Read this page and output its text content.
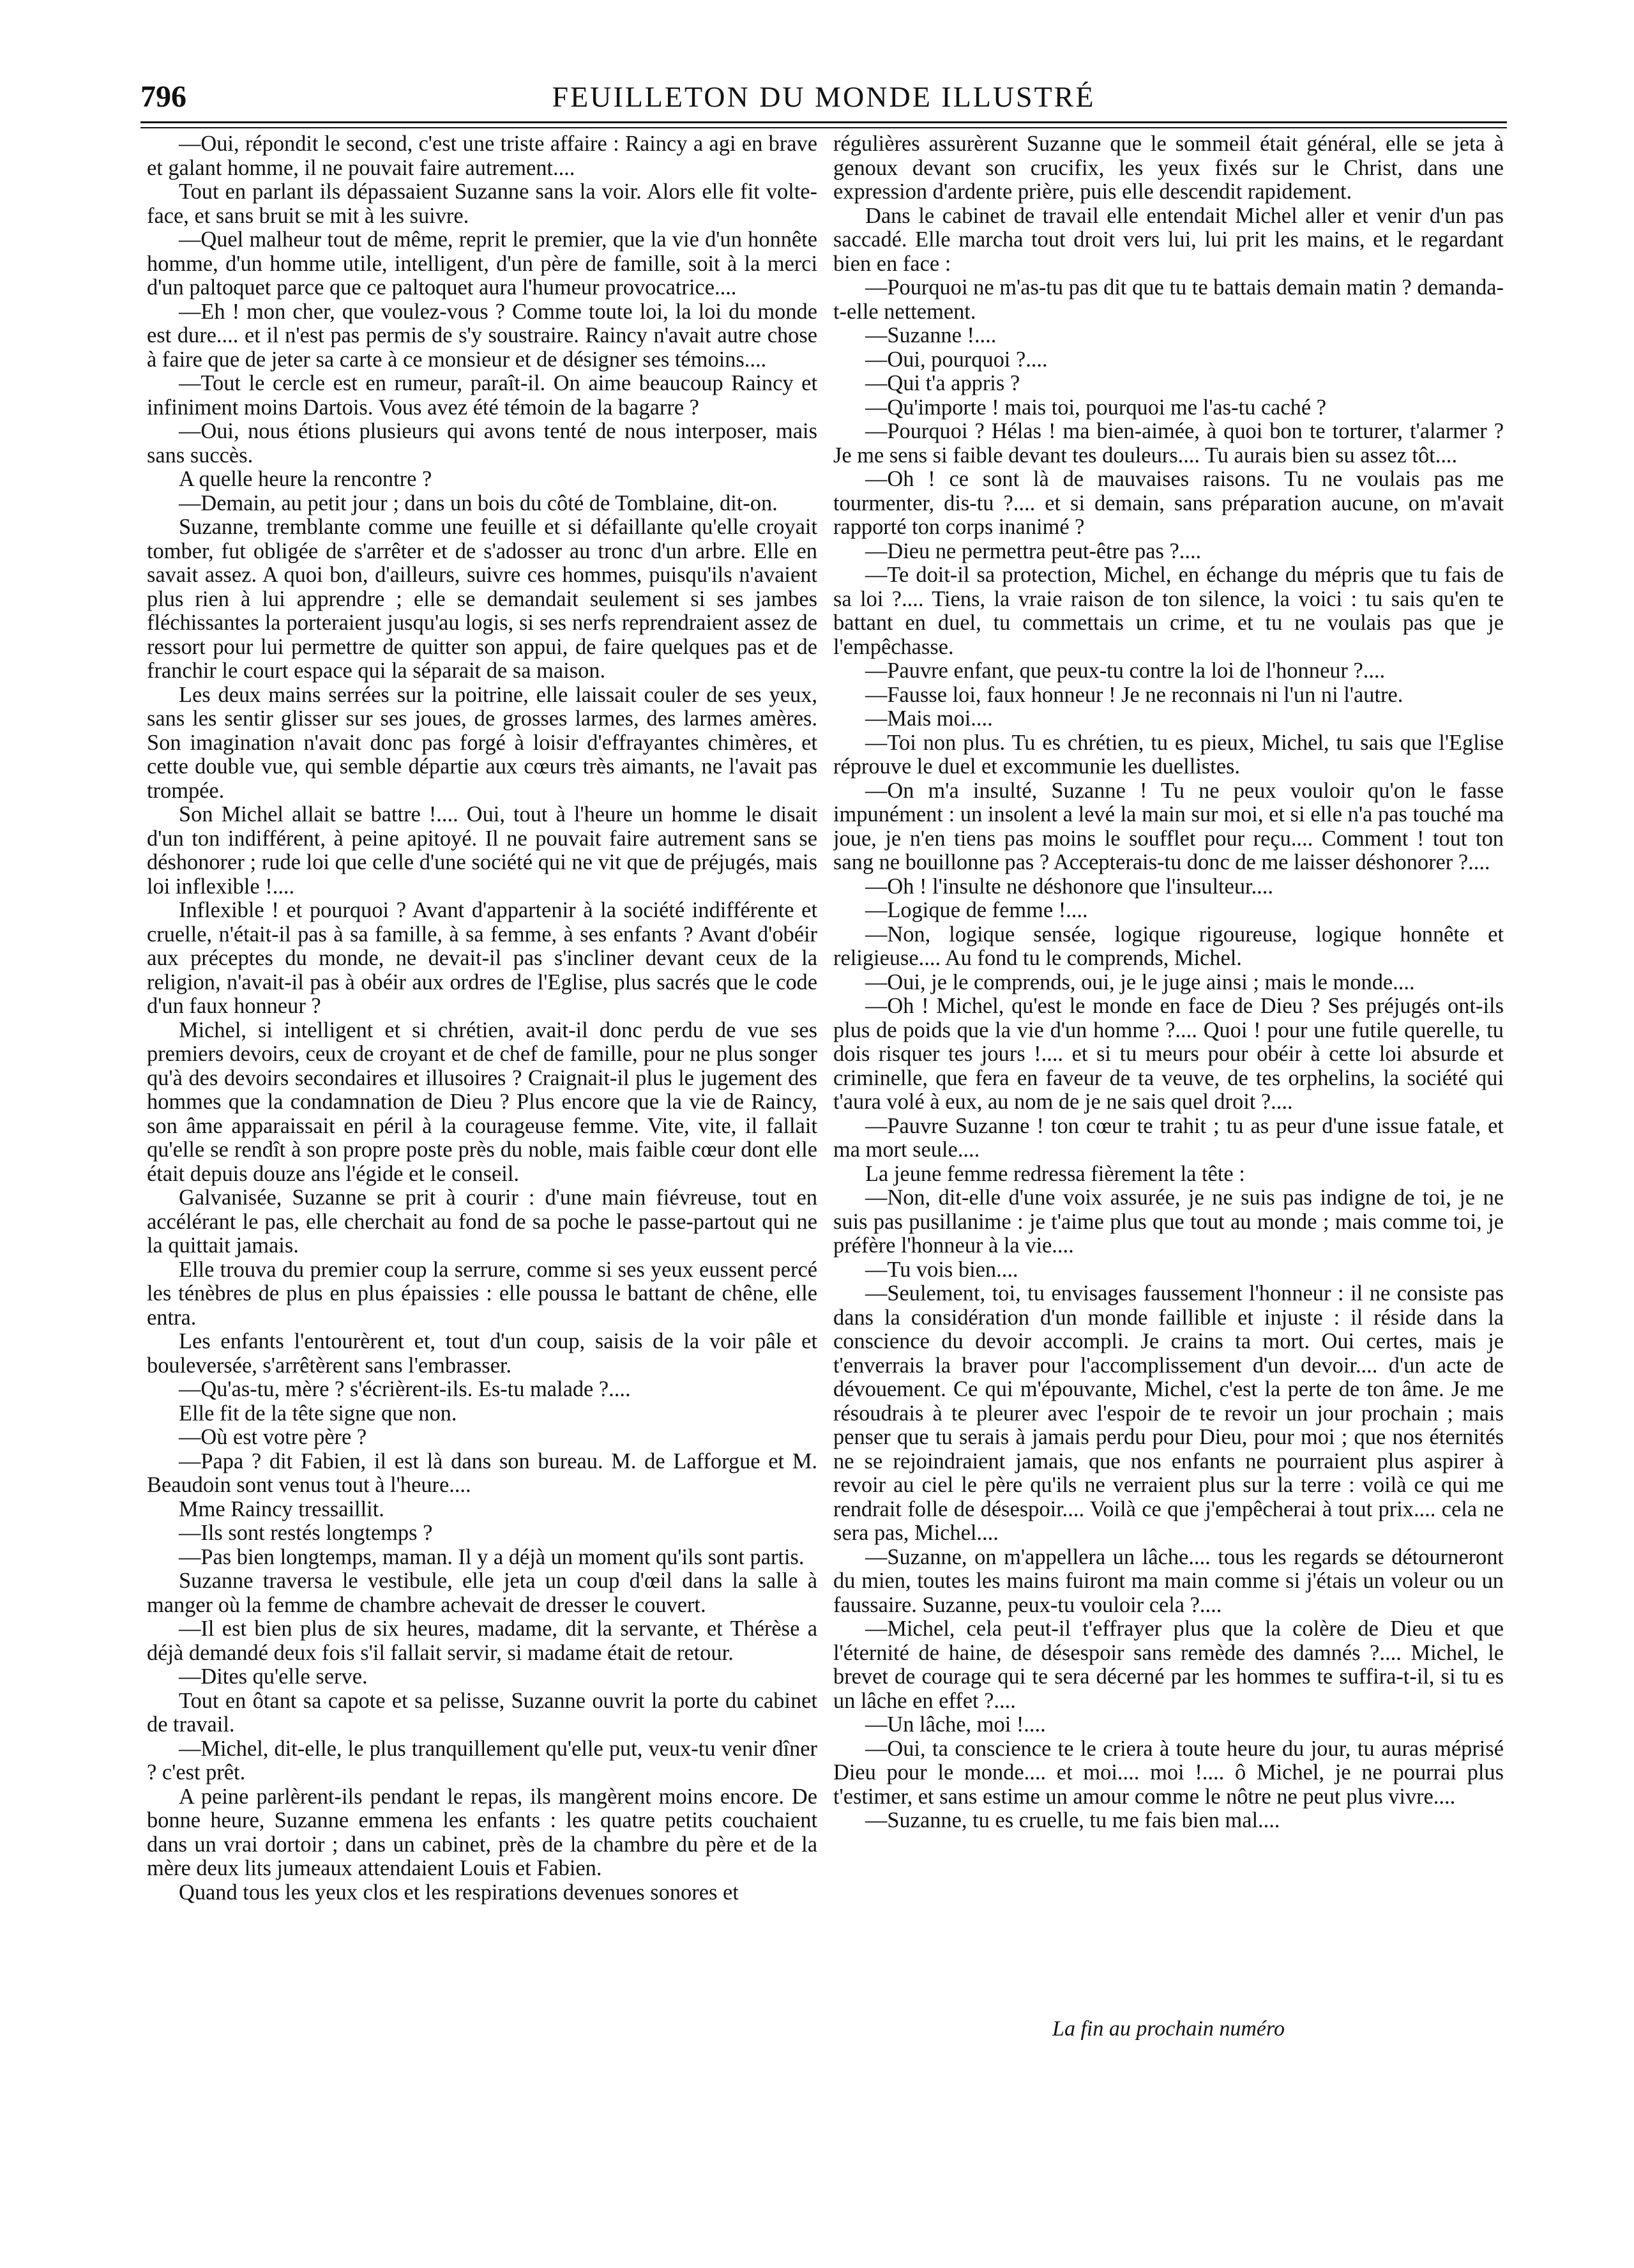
796	FEUILLETON DU MONDE ILLUSTRÉ

—Oui, répondit le second, c'est une triste affaire : Raincy a agi en brave et galant homme, il ne pouvait faire autrement....

Tout en parlant ils dépassaient Suzanne sans la voir. Alors elle fit volte-face, et sans bruit se mit à les suivre.

—Quel malheur tout de même, reprit le premier, que la vie d'un honnête homme, d'un homme utile, intelligent, d'un père de famille, soit à la merci d'un paltoquet parce que ce paltoquet aura l'humeur provocatrice....

—Eh ! mon cher, que voulez-vous ? Comme toute loi, la loi du monde est dure.... et il n'est pas permis de s'y soustraire. Raincy n'avait autre chose à faire que de jeter sa carte à ce monsieur et de désigner ses témoins....

—Tout le cercle est en rumeur, paraît-il. On aime beaucoup Raincy et infiniment moins Dartois. Vous avez été témoin de la bagarre ?

—Oui, nous étions plusieurs qui avons tenté de nous interposer, mais sans succès.

A quelle heure la rencontre ?

—Demain, au petit jour ; dans un bois du côté de Tomblaine, dit-on.

Suzanne, tremblante comme une feuille et si défaillante qu'elle croyait tomber, fut obligée de s'arrêter et de s'adosser au tronc d'un arbre. Elle en savait assez. A quoi bon, d'ailleurs, suivre ces hommes, puisqu'ils n'avaient plus rien à lui apprendre ; elle se demandait seulement si ses jambes fléchissantes la porteraient jusqu'au logis, si ses nerfs reprendraient assez de ressort pour lui permettre de quitter son appui, de faire quelques pas et de franchir le court espace qui la séparait de sa maison.

Les deux mains serrées sur la poitrine, elle laissait couler de ses yeux, sans les sentir glisser sur ses joues, de grosses larmes, des larmes amères. Son imagination n'avait donc pas forgé à loisir d'effrayantes chimères, et cette double vue, qui semble départie aux cœurs très aimants, ne l'avait pas trompée.

Son Michel allait se battre !.... Oui, tout à l'heure un homme le disait d'un ton indifférent, à peine apitoyé. Il ne pouvait faire autrement sans se déshonorer ; rude loi que celle d'une société qui ne vit que de préjugés, mais loi inflexible !....

Inflexible ! et pourquoi ? Avant d'appartenir à la société indifférente et cruelle, n'était-il pas à sa famille, à sa femme, à ses enfants ? Avant d'obéir aux préceptes du monde, ne devait-il pas s'incliner devant ceux de la religion, n'avait-il pas à obéir aux ordres de l'Eglise, plus sacrés que le code d'un faux honneur ?

Michel, si intelligent et si chrétien, avait-il donc perdu de vue ses premiers devoirs, ceux de croyant et de chef de famille, pour ne plus songer qu'à des devoirs secondaires et illusoires ? Craignait-il plus le jugement des hommes que la condamnation de Dieu ? Plus encore que la vie de Raincy, son âme apparaissait en péril à la courageuse femme. Vite, vite, il fallait qu'elle se rendît à son propre poste près du noble, mais faible cœur dont elle était depuis douze ans l'égide et le conseil.

Galvanisée, Suzanne se prit à courir : d'une main fiévreuse, tout en accélérant le pas, elle cherchait au fond de sa poche le passe-partout qui ne la quittait jamais.

Elle trouva du premier coup la serrure, comme si ses yeux eussent percé les ténèbres de plus en plus épaissies : elle poussa le battant de chêne, elle entra.

Les enfants l'entourèrent et, tout d'un coup, saisis de la voir pâle et bouleversée, s'arrêtèrent sans l'embrasser.

—Qu'as-tu, mère ? s'écrièrent-ils. Es-tu malade ?....

Elle fit de la tête signe que non.

—Où est votre père ?

—Papa ? dit Fabien, il est là dans son bureau. M. de Lafforgue et M. Beaudoin sont venus tout à l'heure....

Mme Raincy tressaillit.

—Ils sont restés longtemps ?

—Pas bien longtemps, maman. Il y a déjà un moment qu'ils sont partis.

Suzanne traversa le vestibule, elle jeta un coup d'œil dans la salle à manger où la femme de chambre achevait de dresser le couvert.

—Il est bien plus de six heures, madame, dit la servante, et Thérèse a déjà demandé deux fois s'il fallait servir, si madame était de retour.

—Dites qu'elle serve.

Tout en ôtant sa capote et sa pelisse, Suzanne ouvrit la porte du cabinet de travail.

—Michel, dit-elle, le plus tranquillement qu'elle put, veux-tu venir dîner ? c'est prêt.

A peine parlèrent-ils pendant le repas, ils mangèrent moins encore. De bonne heure, Suzanne emmena les enfants : les quatre petits couchaient dans un vrai dortoir ; dans un cabinet, près de la chambre du père et de la mère deux lits jumeaux attendaient Louis et Fabien.

Quand tous les yeux clos et les respirations devenues sonores et

régulières assurèrent Suzanne que le sommeil était général, elle se jeta à genoux devant son crucifix, les yeux fixés sur le Christ, dans une expression d'ardente prière, puis elle descendit rapidement.

Dans le cabinet de travail elle entendait Michel aller et venir d'un pas saccadé. Elle marcha tout droit vers lui, lui prit les mains, et le regardant bien en face :

—Pourquoi ne m'as-tu pas dit que tu te battais demain matin ? demanda-t-elle nettement.

—Suzanne !....

—Oui, pourquoi ?....

—Qui t'a appris ?

—Qu'importe ! mais toi, pourquoi me l'as-tu caché ?

—Pourquoi ? Hélas ! ma bien-aimée, à quoi bon te torturer, t'alarmer ? Je me sens si faible devant tes douleurs.... Tu aurais bien su assez tôt....

—Oh ! ce sont là de mauvaises raisons. Tu ne voulais pas me tourmenter, dis-tu ?.... et si demain, sans préparation aucune, on m'avait rapporté ton corps inanimé ?

—Dieu ne permettra peut-être pas ?....

—Te doit-il sa protection, Michel, en échange du mépris que tu fais de sa loi ?.... Tiens, la vraie raison de ton silence, la voici : tu sais qu'en te battant en duel, tu commettais un crime, et tu ne voulais pas que je l'empêchasse.

—Pauvre enfant, que peux-tu contre la loi de l'honneur ?....

—Fausse loi, faux honneur ! Je ne reconnais ni l'un ni l'autre.

—Mais moi....

—Toi non plus. Tu es chrétien, tu es pieux, Michel, tu sais que l'Eglise réprouve le duel et excommunie les duellistes.

—On m'a insulté, Suzanne ! Tu ne peux vouloir qu'on le fasse impunément : un insolent a levé la main sur moi, et si elle n'a pas touché ma joue, je n'en tiens pas moins le soufflet pour reçu.... Comment ! tout ton sang ne bouillonne pas ? Accepterais-tu donc de me laisser déshonorer ?....

—Oh ! l'insulte ne déshonore que l'insulteur....

—Logique de femme !....

—Non, logique sensée, logique rigoureuse, logique honnête et religieuse.... Au fond tu le comprends, Michel.

—Oui, je le comprends, oui, je le juge ainsi ; mais le monde....

—Oh ! Michel, qu'est le monde en face de Dieu ? Ses préjugés ont-ils plus de poids que la vie d'un homme ?.... Quoi ! pour une futile querelle, tu dois risquer tes jours !.... et si tu meurs pour obéir à cette loi absurde et criminelle, que fera en faveur de ta veuve, de tes orphelins, la société qui t'aura volé à eux, au nom de je ne sais quel droit ?....

—Pauvre Suzanne ! ton cœur te trahit ; tu as peur d'une issue fatale, et ma mort seule....

La jeune femme redressa fièrement la tête :

—Non, dit-elle d'une voix assurée, je ne suis pas indigne de toi, je ne suis pas pusillanime : je t'aime plus que tout au monde ; mais comme toi, je préfère l'honneur à la vie....

—Tu vois bien....

—Seulement, toi, tu envisages faussement l'honneur : il ne consiste pas dans la considération d'un monde faillible et injuste : il réside dans la conscience du devoir accompli. Je crains ta mort. Oui certes, mais je t'enverrais la braver pour l'accomplissement d'un devoir.... d'un acte de dévouement. Ce qui m'épouvante, Michel, c'est la perte de ton âme. Je me résoudrais à te pleurer avec l'espoir de te revoir un jour prochain ; mais penser que tu serais à jamais perdu pour Dieu, pour moi ; que nos éternités ne se rejoindraient jamais, que nos enfants ne pourraient plus aspirer à revoir au ciel le père qu'ils ne verraient plus sur la terre : voilà ce qui me rendrait folle de désespoir.... Voilà ce que j'empêcherai à tout prix.... cela ne sera pas, Michel....

—Suzanne, on m'appellera un lâche.... tous les regards se détourneront du mien, toutes les mains fuiront ma main comme si j'étais un voleur ou un faussaire. Suzanne, peux-tu vouloir cela ?....

—Michel, cela peut-il t'effrayer plus que la colère de Dieu et que l'éternité de haine, de désespoir sans remède des damnés ?.... Michel, le brevet de courage qui te sera décerné par les hommes te suffira-t-il, si tu es un lâche en effet ?....

—Un lâche, moi !....

—Oui, ta conscience te le criera à toute heure du jour, tu auras méprisé Dieu pour le monde.... et moi.... moi !.... ô Michel, je ne pourrai plus t'estimer, et sans estime un amour comme le nôtre ne peut plus vivre....

—Suzanne, tu es cruelle, tu me fais bien mal....

La fin au prochain numéro
